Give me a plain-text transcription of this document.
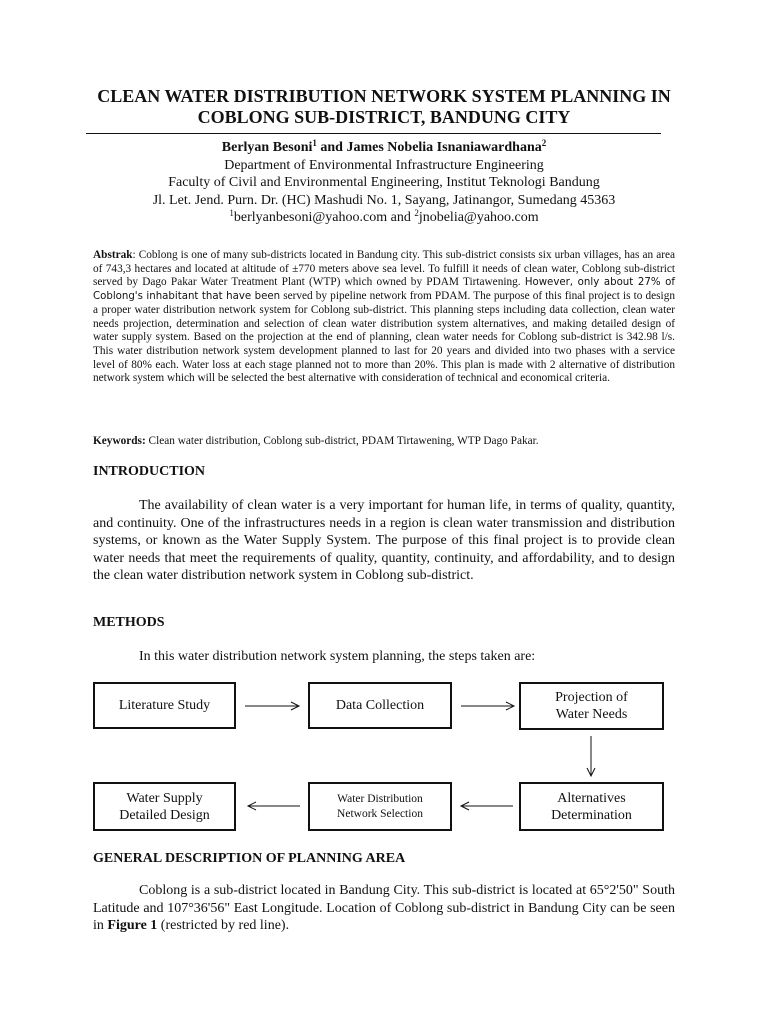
CLEAN WATER DISTRIBUTION NETWORK SYSTEM PLANNING IN
COBLONG SUB-DISTRICT, BANDUNG CITY
Berlyan Besoni$^1$ and James Nobelia Isnaniawardhana$^2$
Department of Environmental Infrastructure Engineering
Faculty of Civil and Environmental Engineering, Institut Teknologi Bandung
Jl. Let. Jend. Purn. Dr. (HC) Mashudi No. 1, Sayang, Jatinangor, Sumedang 45363
$^1$berlyanbesoni@yahoo.com and $^2$jnobelia@yahoo.com
Abstrak: Coblong is one of many sub-districts located in Bandung city. This sub-district consists six urban villages, has an area of 743,3 hectares and located at altitude of ±770 meters above sea level. To fulfill it needs of clean water, Coblong sub-district served by Dago Pakar Water Treatment Plant (WTP) which owned by PDAM Tirtawening. However, only about 27% of Coblong's inhabitant that have been served by pipeline network from PDAM. The purpose of this final project is to design a proper water distribution network system for Coblong sub-district. This planning steps including data collection, clean water needs projection, determination and selection of clean water distribution system alternatives, and making detailed design of water supply system. Based on the projection at the end of planning, clean water needs for Coblong sub-district is 342.98 l/s. This water distribution network system development planned to last for 20 years and divided into two phases with a service level of 80% each. Water loss at each stage planned not to more than 20%. This plan is made with 2 alternative of distribution network system which will be selected the best alternative with consideration of technical and economical criteria.
Keywords: Clean water distribution, Coblong sub-district, PDAM Tirtawening, WTP Dago Pakar.
INTRODUCTION
The availability of clean water is a very important for human life, in terms of quality, quantity, and continuity. One of the infrastructures needs in a region is clean water transmission and distribution systems, or known as the Water Supply System. The purpose of this final project is to provide clean water needs that meet the requirements of quality, quantity, continuity, and affordability, and to design the clean water distribution network system in Coblong sub-district.
METHODS
In this water distribution network system planning, the steps taken are:
Literature Study	Data Collection
Projection of
Water Needs
Alternatives
Determination
Water Distribution
Network Selection
Water Supply
Detailed Design
GENERAL DESCRIPTION OF PLANNING AREA
Coblong is a sub-district located in Bandung City. This sub-district is located at 65°2'50" South Latitude and 107°36'56" East Longitude. Location of Coblong sub-district in Bandung City can be seen in Figure 1 (restricted by red line).
